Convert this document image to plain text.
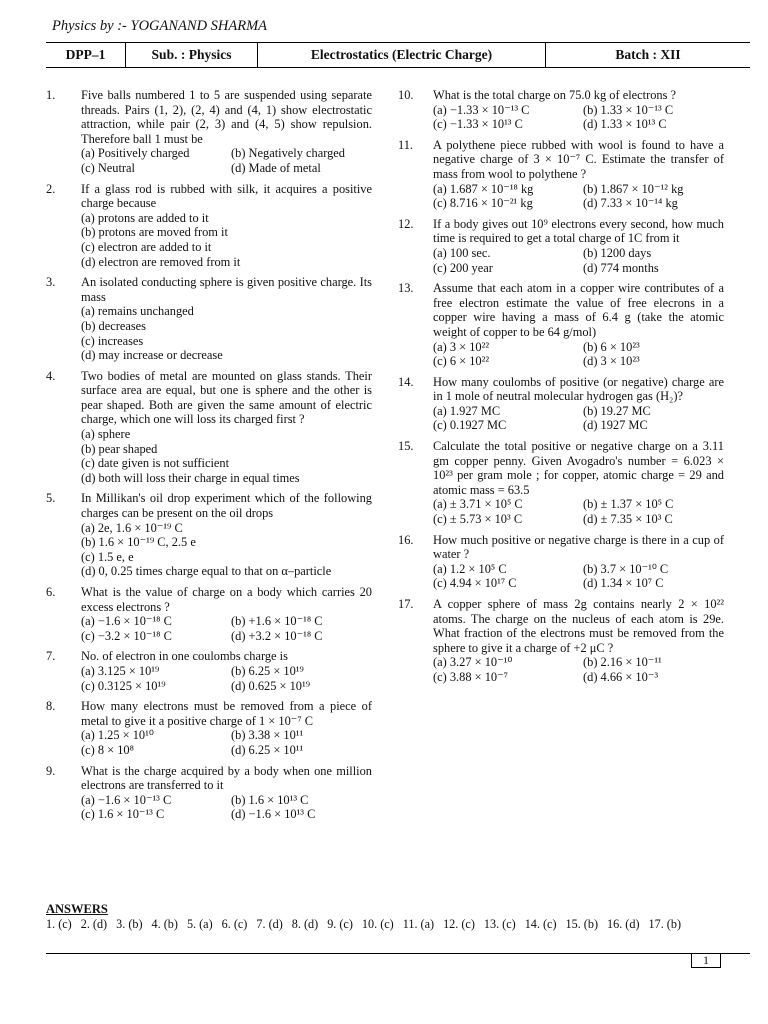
Physics by :- YOGANAND SHARMA
DPP–1	Sub. : Physics	Electrostatics (Electric Charge)	Batch : XII
1.	Five balls numbered 1 to 5 are suspended using separate threads. Pairs (1, 2), (2, 4) and (4, 1) show electrostatic attraction, while pair (2, 3) and (4, 5) show repulsion. Therefore ball 1 must be
(a) Positively charged	(b) Negatively charged
(c) Neutral	(d) Made of metal
2.	If a glass rod is rubbed with silk, it acquires a positive charge because
(a) protons are added to it
(b) protons are moved from it
(c) electron are added to it
(d) electron are removed from it
3.	An isolated conducting sphere is given positive charge. Its mass
(a) remains unchanged
(b) decreases
(c) increases
(d) may increase or decrease
4.	Two bodies of metal are mounted on glass stands. Their surface area are equal, but one is sphere and the other is pear shaped. Both are given the same amount of electric charge, which one will loss its charged first ?
(a) sphere
(b) pear shaped
(c) date given is not sufficient
(d) both will loss their charge in equal times
5.	In Millikan's oil drop experiment which of the following charges can be present on the oil drops
(a) 2e, 1.6 × 10⁻¹⁹ C
(b) 1.6 × 10⁻¹⁹ C, 2.5 e
(c) 1.5 e, e
(d) 0, 0.25 times charge equal to that on α–particle
6.	What is the value of charge on a body which carries 20 excess electrons ?
(a) −1.6 × 10⁻¹⁸ C	(b) +1.6 × 10⁻¹⁸ C
(c) −3.2 × 10⁻¹⁸ C	(d) +3.2 × 10⁻¹⁸ C
7.	No. of electron in one coulombs charge is
(a) 3.125 × 10¹⁹	(b) 6.25 × 10¹⁹
(c) 0.3125 × 10¹⁹	(d) 0.625 × 10¹⁹
8.	How many electrons must be removed from a piece of metal to give it a positive charge of 1 × 10⁻⁷ C
(a) 1.25 × 10¹⁰	(b) 3.38 × 10¹¹
(c) 8 × 10⁸	(d) 6.25 × 10¹¹
9.	What is the charge acquired by a body when one million electrons are transferred to it
(a) −1.6 × 10⁻¹³ C	(b) 1.6 × 10¹³ C
(c) 1.6 × 10⁻¹³ C	(d) −1.6 × 10¹³ C
10.	What is the total charge on 75.0 kg of electrons ?
(a) −1.33 × 10⁻¹³ C	(b) 1.33 × 10⁻¹³ C
(c) −1.33 × 10¹³ C	(d) 1.33 × 10¹³ C
11.	A polythene piece rubbed with wool is found to have a negative charge of 3 × 10⁻⁷ C. Estimate the transfer of mass from wool to polythene ?
(a) 1.687 × 10⁻¹⁸ kg	(b) 1.867 × 10⁻¹² kg
(c) 8.716 × 10⁻²¹ kg	(d) 7.33 × 10⁻¹⁴ kg
12.	If a body gives out 10⁹ electrons every second, how much time is required to get a total charge of 1C from it
(a) 100 sec.	(b) 1200 days
(c) 200 year	(d) 774 months
13.	Assume that each atom in a copper wire contributes of a free electron estimate the value of free elecrons in a copper wire having a mass of 6.4 g (take the atomic weight of copper to be 64 g/mol)
(a) 3 × 10²²	(b) 6 × 10²³
(c) 6 × 10²²	(d) 3 × 10²³
14.	How many coulombs of positive (or negative) charge are in 1 mole of neutral molecular hydrogen gas (H₂)?
(a) 1.927 MC	(b) 19.27 MC
(c) 0.1927 MC	(d) 1927 MC
15.	Calculate the total positive or negative charge on a 3.11 gm copper penny. Given Avogadro's number = 6.023 × 10²³ per gram mole ; for copper, atomic charge = 29 and atomic mass = 63.5
(a) ± 3.71 × 10⁵ C	(b) ± 1.37 × 10⁵ C
(c) ± 5.73 × 10³ C	(d) ± 7.35 × 10³ C
16.	How much positive or negative charge is there in a cup of water ?
(a) 1.2 × 10⁵ C	(b) 3.7 × 10⁻¹⁰ C
(c) 4.94 × 10¹⁷ C	(d) 1.34 × 10⁷ C
17.	A copper sphere of mass 2g contains nearly 2 × 10²² atoms. The charge on the nucleus of each atom is 29e. What fraction of the electrons must be removed from the sphere to give it a charge of +2 μC ?
(a) 3.27 × 10⁻¹⁰	(b) 2.16 × 10⁻¹¹
(c) 3.88 × 10⁻⁷	(d) 4.66 × 10⁻³
ANSWERS
1. (c) 2. (d) 3. (b) 4. (b) 5. (a) 6. (c) 7. (d) 8. (d) 9. (c) 10. (c) 11. (a) 12. (c) 13. (c) 14. (c) 15. (b) 16. (d) 17. (b)
1
